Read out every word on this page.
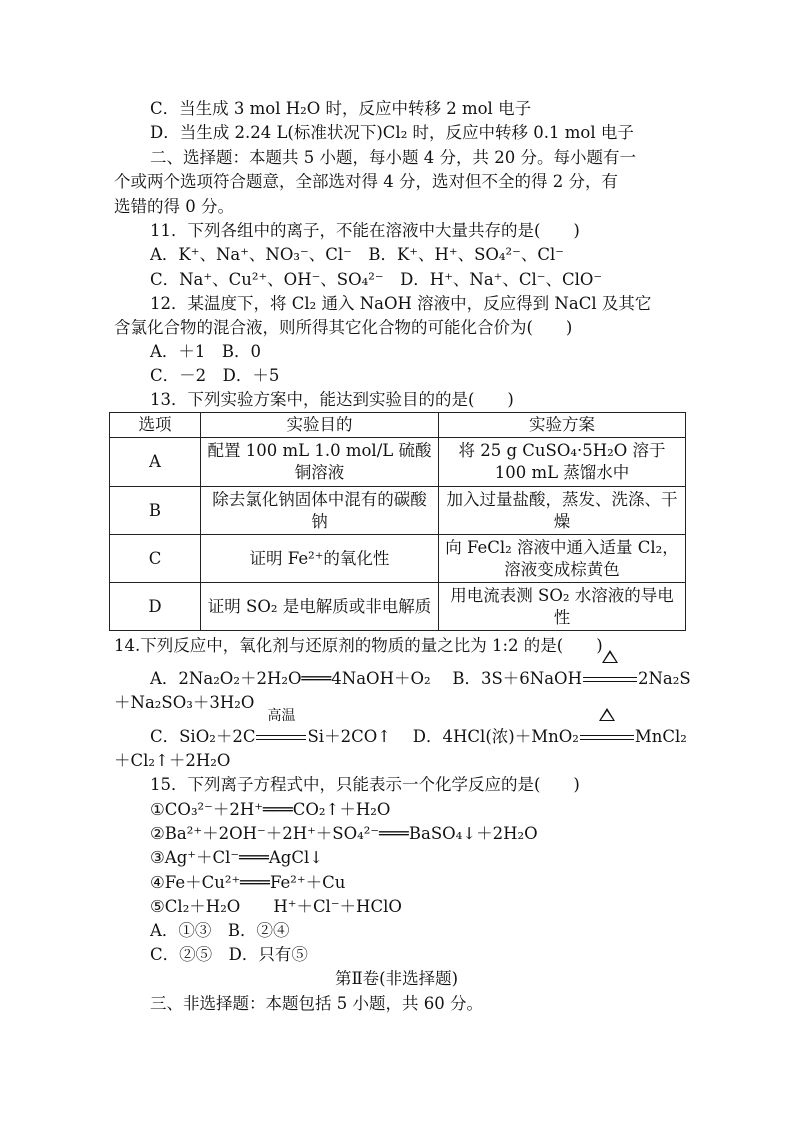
C．当生成 3 mol H₂O 时，反应中转移 2 mol 电子
D．当生成 2.24 L(标准状况下)Cl₂ 时，反应中转移 0.1 mol 电子
二、选择题：本题共 5 小题，每小题 4 分，共 20 分。每小题有一
个或两个选项符合题意，全部选对得 4 分，选对但不全的得 2 分，有
选错的得 0 分。
11．下列各组中的离子，不能在溶液中大量共存的是(　　)
A．K⁺、Na⁺、NO₃⁻、Cl⁻　B．K⁺、H⁺、SO₄²⁻、Cl⁻
C．Na⁺、Cu²⁺、OH⁻、SO₄²⁻　D．H⁺、Na⁺、Cl⁻、ClO⁻
12．某温度下，将 Cl₂ 通入 NaOH 溶液中，反应得到 NaCl 及其它
含氯化合物的混合液，则所得其它化合物的可能化合价为(　　)
A．＋1　B．0
C．－2　D．＋5
13．下列实验方案中，能达到实验目的的是(　　)
选项	实验目的	实验方案
A	配置 100 mL 1.0 mol/L 硫酸铜溶液	将 25 g CuSO₄·5H₂O 溶于 100 mL 蒸馏水中
B	除去氯化钠固体中混有的碳酸钠	加入过量盐酸，蒸发、洗涤、干燥
C	证明 Fe²⁺的氧化性	向 FeCl₂ 溶液中通入适量 Cl₂，溶液变成棕黄色
D	证明 SO₂ 是电解质或非电解质	用电流表测 SO₂ 水溶液的导电性
14.下列反应中，氧化剂与还原剂的物质的量之比为 1:2 的是(　　)
A．2Na₂O₂＋2H₂O═══4NaOH＋O₂　 B．3S＋6NaOH	2Na₂S
＋Na₂SO₃＋3H₂O
C．SiO₂＋2C
高温
Si＋2CO↑　 D．4HCl(浓)＋MnO₂	MnCl₂
＋Cl₂↑＋2H₂O
15．下列离子方程式中，只能表示一个化学反应的是(　　)
①CO₃²⁻＋2H⁺═══CO₂↑＋H₂O
②Ba²⁺＋2OH⁻＋2H⁺＋SO₄²⁻═══BaSO₄↓＋2H₂O
③Ag⁺＋Cl⁻═══AgCl↓
④Fe＋Cu²⁺═══Fe²⁺＋Cu
⑤Cl₂＋H₂O　　H⁺＋Cl⁻＋HClO
A．①③　B．②④
C．②⑤　D．只有⑤
第Ⅱ卷(非选择题)
三、非选择题：本题包括 5 小题，共 60 分。
